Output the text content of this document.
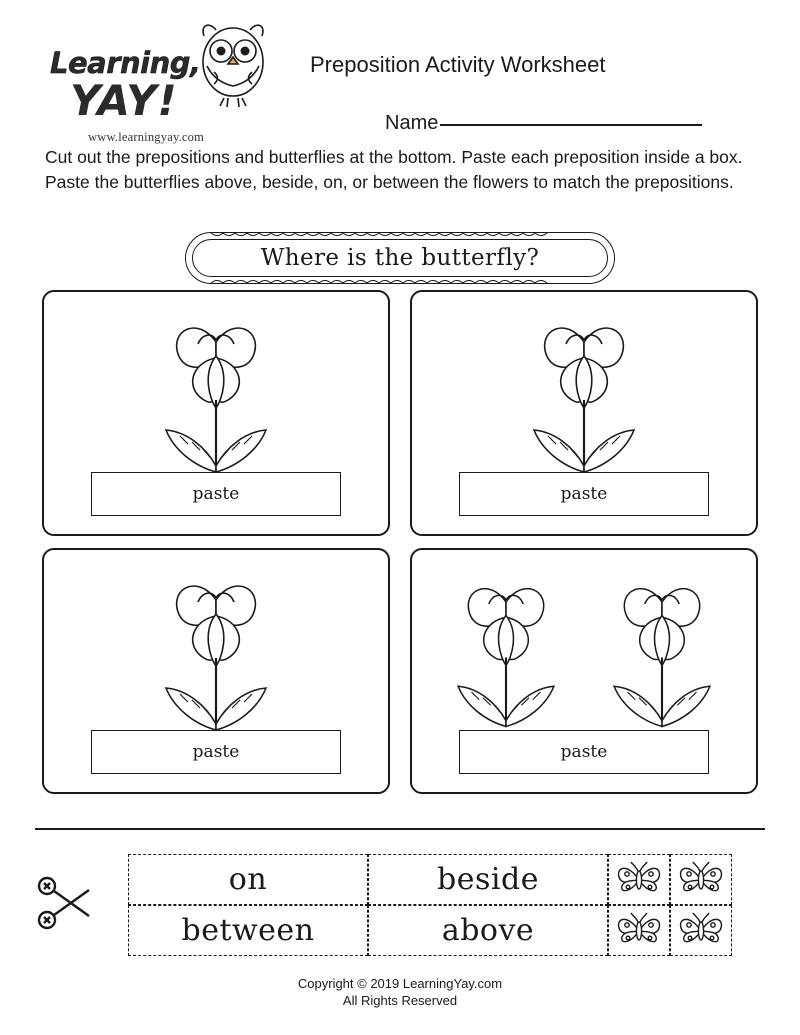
Learning,
YAY!
www.learningyay.com
Preposition Activity Worksheet
Name
Cut out the prepositions and butterflies at the bottom. Paste each preposition inside a box. Paste the butterflies above, beside, on, or between the flowers to match the prepositions.
Where is the butterfly?
paste	paste
paste	paste
on	beside
between	above
Copyright © 2019 LearningYay.com
All Rights Reserved
